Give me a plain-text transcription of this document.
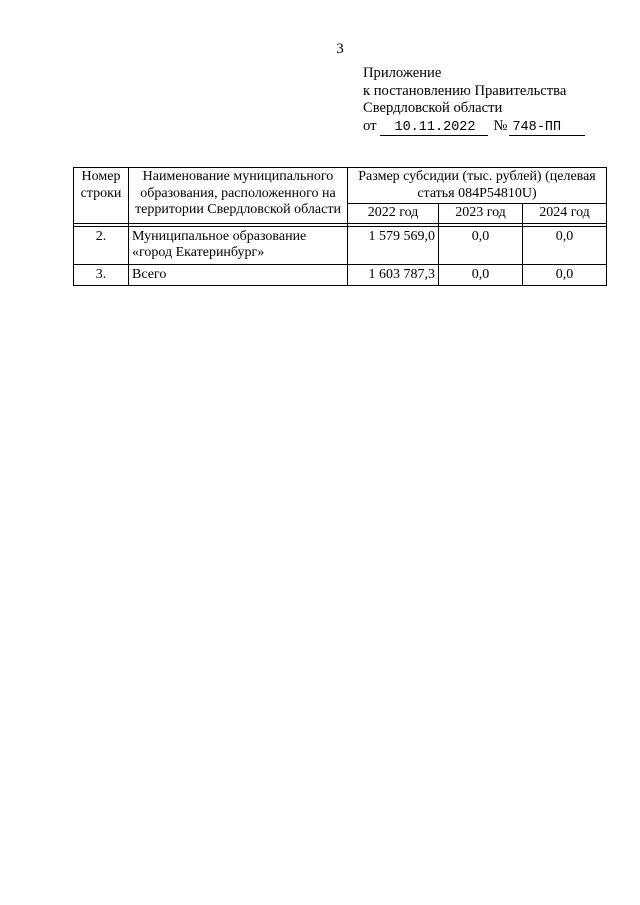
3
Приложение
к постановлению Правительства
Свердловской области
от 10.11.2022 № 748-ПП
Номер строки	Наименование муниципального образования, расположенного на территории Свердловской области	Размер субсидии (тыс. рублей) (целевая статья 084P54810U)		
		2022 год	2023 год	2024 год

2.	Муниципальное образование «город Екатеринбург»	1 579 569,0	0,0	0,0
3.	Всего	1 603 787,3	0,0	0,0
